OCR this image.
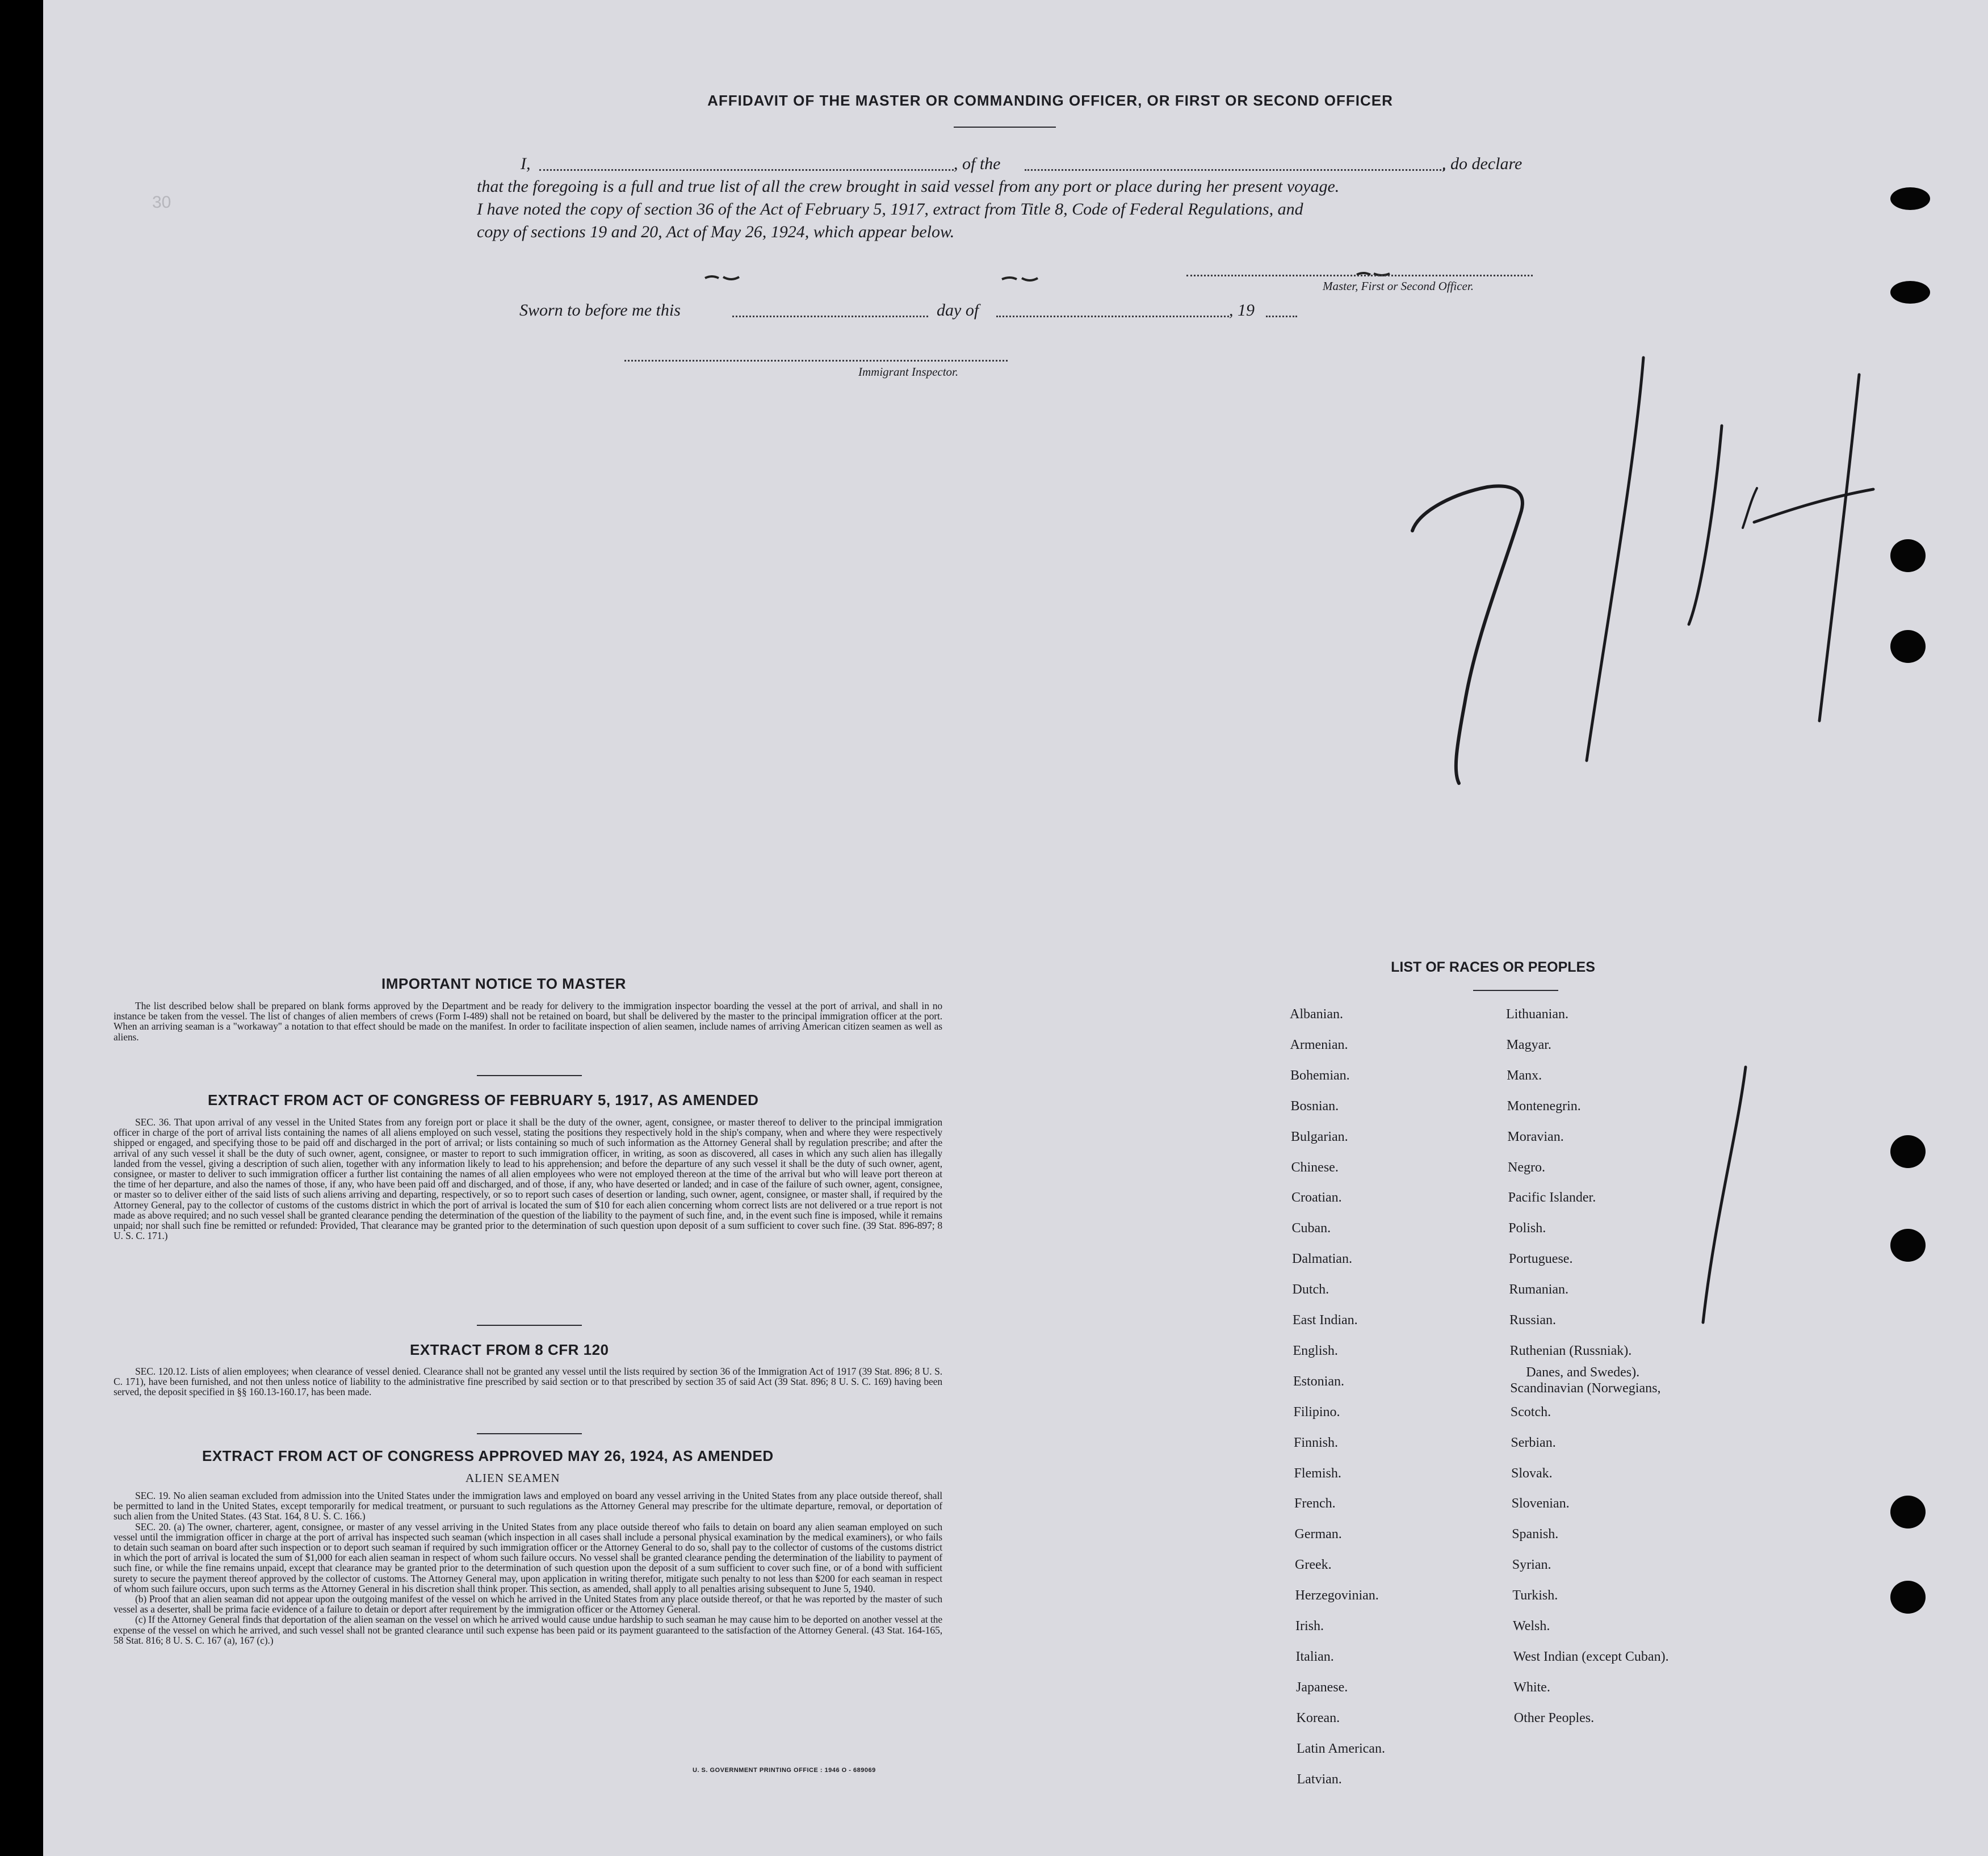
30
AFFIDAVIT OF THE MASTER OR COMMANDING OFFICER, OR FIRST OR SECOND OFFICER
I,	, of the	, do declare
that the foregoing is a full and true list of all the crew brought in said vessel from any port or place during her present voyage.
I have noted the copy of section 36 of the Act of February 5, 1917, extract from Title 8, Code of Federal Regulations, and
copy of sections 19 and 20, Act of May 26, 1924, which appear below.
Master, First or Second Officer.
Sworn to before me this	day of	, 19
Immigrant Inspector.
IMPORTANT NOTICE TO MASTER

The list described below shall be prepared on blank forms approved by the Department and be ready for delivery to the immigration inspector boarding the vessel at the port of arrival, and shall in no instance be taken from the vessel. The list of changes of alien members of crews (Form I-489) shall not be retained on board, but shall be delivered by the master to the principal immigration officer at the port. When an arriving seaman is a "workaway" a notation to that effect should be made on the manifest. In order to facilitate inspection of alien seamen, include names of arriving American citizen seamen as well as aliens.

EXTRACT FROM ACT OF CONGRESS OF FEBRUARY 5, 1917, AS AMENDED

SEC. 36. That upon arrival of any vessel in the United States from any foreign port or place it shall be the duty of the owner, agent, consignee, or master thereof to deliver to the principal immigration officer in charge of the port of arrival lists containing the names of all aliens employed on such vessel, stating the positions they respectively hold in the ship's company, when and where they were respectively shipped or engaged, and specifying those to be paid off and discharged in the port of arrival; or lists containing so much of such information as the Attorney General shall by regulation prescribe; and after the arrival of any such vessel it shall be the duty of such owner, agent, consignee, or master to report to such immigration officer, in writing, as soon as discovered, all cases in which any such alien has illegally landed from the vessel, giving a description of such alien, together with any information likely to lead to his apprehension; and before the departure of any such vessel it shall be the duty of such owner, agent, consignee, or master to deliver to such immigration officer a further list containing the names of all alien employees who were not employed thereon at the time of the arrival but who will leave port thereon at the time of her departure, and also the names of those, if any, who have been paid off and discharged, and of those, if any, who have deserted or landed; and in case of the failure of such owner, agent, consignee, or master so to deliver either of the said lists of such aliens arriving and departing, respectively, or so to report such cases of desertion or landing, such owner, agent, consignee, or master shall, if required by the Attorney General, pay to the collector of customs of the customs district in which the port of arrival is located the sum of $10 for each alien concerning whom correct lists are not delivered or a true report is not made as above required; and no such vessel shall be granted clearance pending the determination of the question of the liability to the payment of such fine, and, in the event such fine is imposed, while it remains unpaid; nor shall such fine be remitted or refunded: Provided, That clearance may be granted prior to the determination of such question upon deposit of a sum sufficient to cover such fine. (39 Stat. 896-897; 8 U. S. C. 171.)

EXTRACT FROM 8 CFR 120

SEC. 120.12. Lists of alien employees; when clearance of vessel denied. Clearance shall not be granted any vessel until the lists required by section 36 of the Immigration Act of 1917 (39 Stat. 896; 8 U. S. C. 171), have been furnished, and not then unless notice of liability to the administrative fine prescribed by said section or to that prescribed by section 35 of said Act (39 Stat. 896; 8 U. S. C. 169) having been served, the deposit specified in §§ 160.13-160.17, has been made.

EXTRACT FROM ACT OF CONGRESS APPROVED MAY 26, 1924, AS AMENDED
ALIEN SEAMEN

SEC. 19. No alien seaman excluded from admission into the United States under the immigration laws and employed on board any vessel arriving in the United States from any place outside thereof, shall be permitted to land in the United States, except temporarily for medical treatment, or pursuant to such regulations as the Attorney General may prescribe for the ultimate departure, removal, or deportation of such alien from the United States. (43 Stat. 164, 8 U. S. C. 166.)

SEC. 20. (a) The owner, charterer, agent, consignee, or master of any vessel arriving in the United States from any place outside thereof who fails to detain on board any alien seaman employed on such vessel until the immigration officer in charge at the port of arrival has inspected such seaman (which inspection in all cases shall include a personal physical examination by the medical examiners), or who fails to detain such seaman on board after such inspection or to deport such seaman if required by such immigration officer or the Attorney General to do so, shall pay to the collector of customs of the customs district in which the port of arrival is located the sum of $1,000 for each alien seaman in respect of whom such failure occurs. No vessel shall be granted clearance pending the determination of the liability to payment of such fine, or while the fine remains unpaid, except that clearance may be granted prior to the determination of such question upon the deposit of a sum sufficient to cover such fine, or of a bond with sufficient surety to secure the payment thereof approved by the collector of customs. The Attorney General may, upon application in writing therefor, mitigate such penalty to not less than $200 for each seaman in respect of whom such failure occurs, upon such terms as the Attorney General in his discretion shall think proper. This section, as amended, shall apply to all penalties arising subsequent to June 5, 1940.

(b) Proof that an alien seaman did not appear upon the outgoing manifest of the vessel on which he arrived in the United States from any place outside thereof, or that he was reported by the master of such vessel as a deserter, shall be prima facie evidence of a failure to detain or deport after requirement by the immigration officer or the Attorney General.

(c) If the Attorney General finds that deportation of the alien seaman on the vessel on which he arrived would cause undue hardship to such seaman he may cause him to be deported on another vessel at the expense of the vessel on which he arrived, and such vessel shall not be granted clearance until such expense has been paid or its payment guaranteed to the satisfaction of the Attorney General. (43 Stat. 164-165, 58 Stat. 816; 8 U. S. C. 167 (a), 167 (c).)

U. S. GOVERNMENT PRINTING OFFICE : 1946 O - 689069
LIST OF RACES OR PEOPLES
Albanian.
Armenian.
Bohemian.
Bosnian.
Bulgarian.
Chinese.
Croatian.
Cuban.
Dalmatian.
Dutch.
East Indian.
English.
Estonian.
Filipino.
Finnish.
Flemish.
French.
German.
Greek.
Herzegovinian.
Irish.
Italian.
Japanese.
Korean.
Latin American.
Latvian.
Lithuanian.
Magyar.
Manx.
Montenegrin.
Moravian.
Negro.
Pacific Islander.
Polish.
Portuguese.
Rumanian.
Russian.
Ruthenian (Russniak).
Scandinavian (Norwegians,
Danes, and Swedes).
Scotch.
Serbian.
Slovak.
Slovenian.
Spanish.
Syrian.
Turkish.
Welsh.
West Indian (except Cuban).
White.
Other Peoples.
